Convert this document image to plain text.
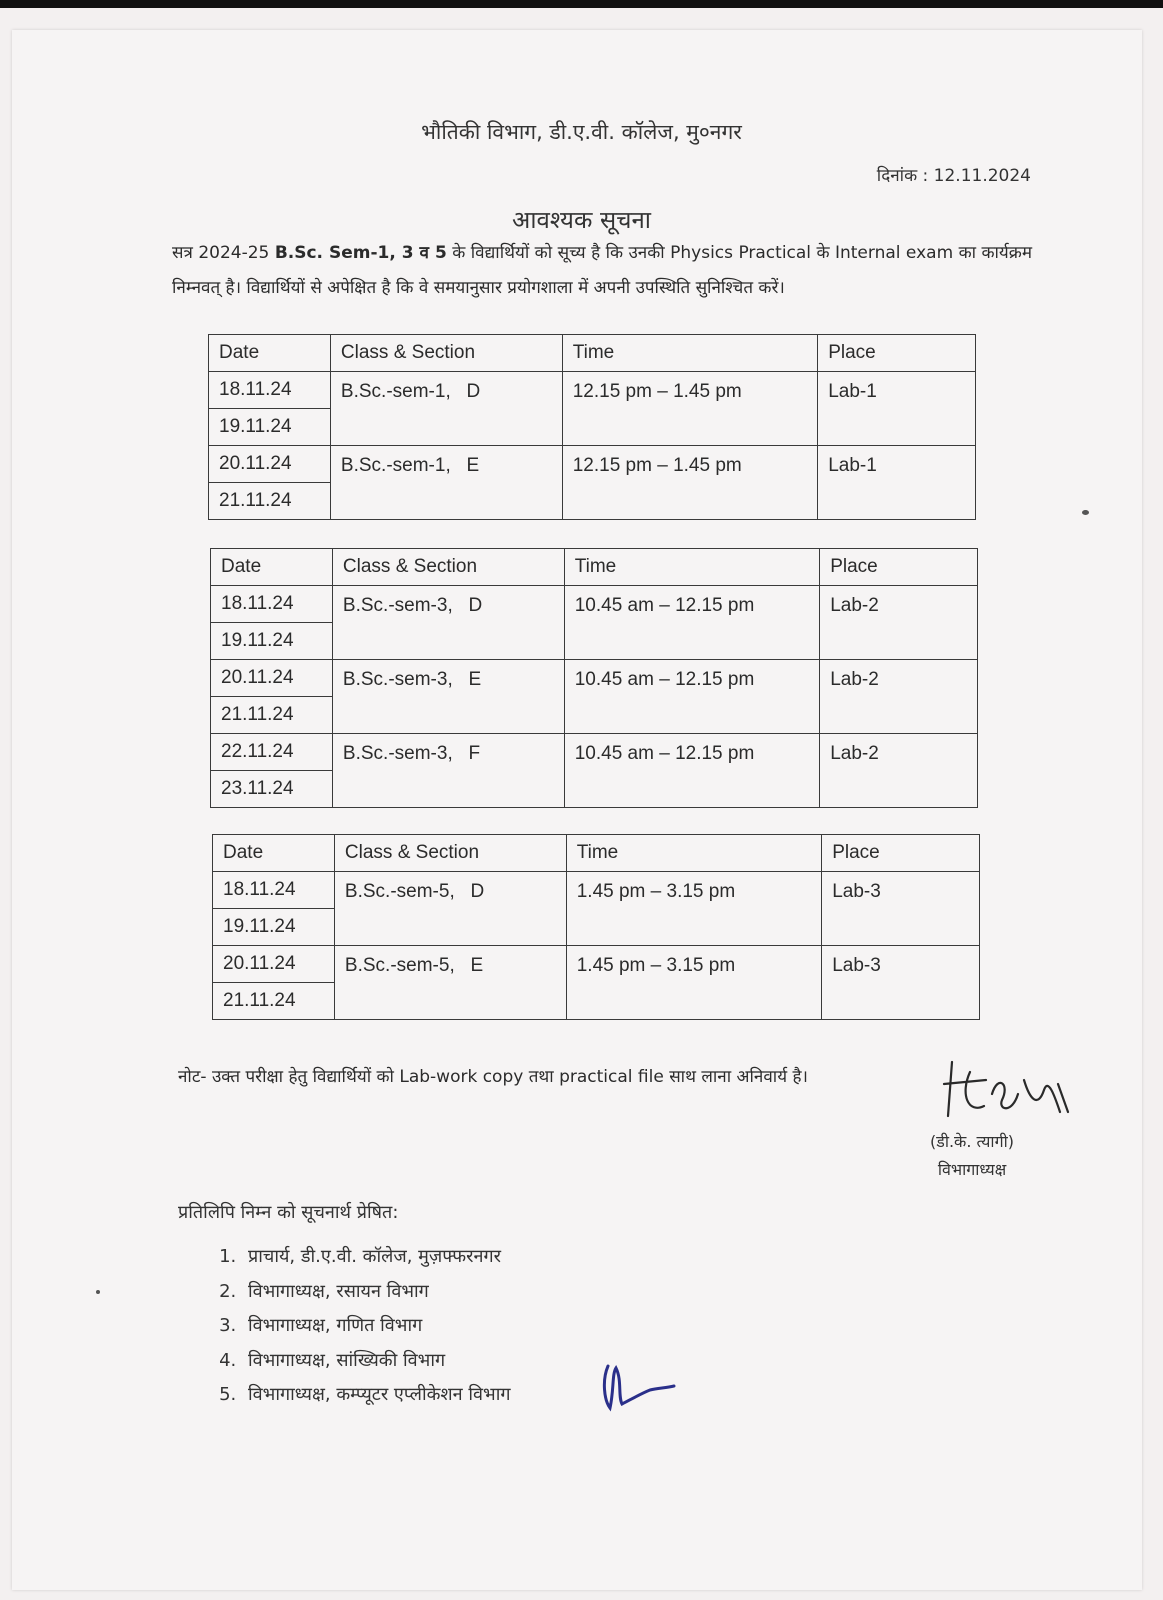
भौतिकी विभाग, डी.ए.वी. कॉलेज, मु०नगर
दिनांक : 12.11.2024
आवश्यक सूचना
सत्र 2024-25 B.Sc. Sem-1, 3 व 5 के विद्यार्थियों को सूच्य है कि उनकी Physics Practical के Internal exam का कार्यक्रम निम्नवत् है। विद्यार्थियों से अपेक्षित है कि वे समयानुसार प्रयोगशाला में अपनी उपस्थिति सुनिश्चित करें।
Date	Class & Section	Time	Place
18.11.24	B.Sc.-sem-1,   D	12.15 pm – 1.45 pm	Lab-1
19.11.24			
20.11.24	B.Sc.-sem-1,   E	12.15 pm – 1.45 pm	Lab-1
21.11.24			
Date	Class & Section	Time	Place
18.11.24	B.Sc.-sem-3,   D	10.45 am – 12.15 pm	Lab-2
19.11.24			
20.11.24	B.Sc.-sem-3,   E	10.45 am – 12.15 pm	Lab-2
21.11.24			
22.11.24	B.Sc.-sem-3,   F	10.45 am – 12.15 pm	Lab-2
23.11.24			
Date	Class & Section	Time	Place
18.11.24	B.Sc.-sem-5,   D	1.45 pm – 3.15 pm	Lab-3
19.11.24			
20.11.24	B.Sc.-sem-5,   E	1.45 pm – 3.15 pm	Lab-3
21.11.24			
नोट- उक्त परीक्षा हेतु विद्यार्थियों को Lab-work copy तथा practical file साथ लाना अनिवार्य है।
(डी.के. त्यागी)
विभागाध्यक्ष
प्रतिलिपि निम्न को सूचनार्थ प्रेषित:
1. प्राचार्य, डी.ए.वी. कॉलेज, मुज़फ्फरनगर
2. विभागाध्यक्ष, रसायन विभाग
3. विभागाध्यक्ष, गणित विभाग
4. विभागाध्यक्ष, सांख्यिकी विभाग
5. विभागाध्यक्ष, कम्प्यूटर एप्लीकेशन विभाग
